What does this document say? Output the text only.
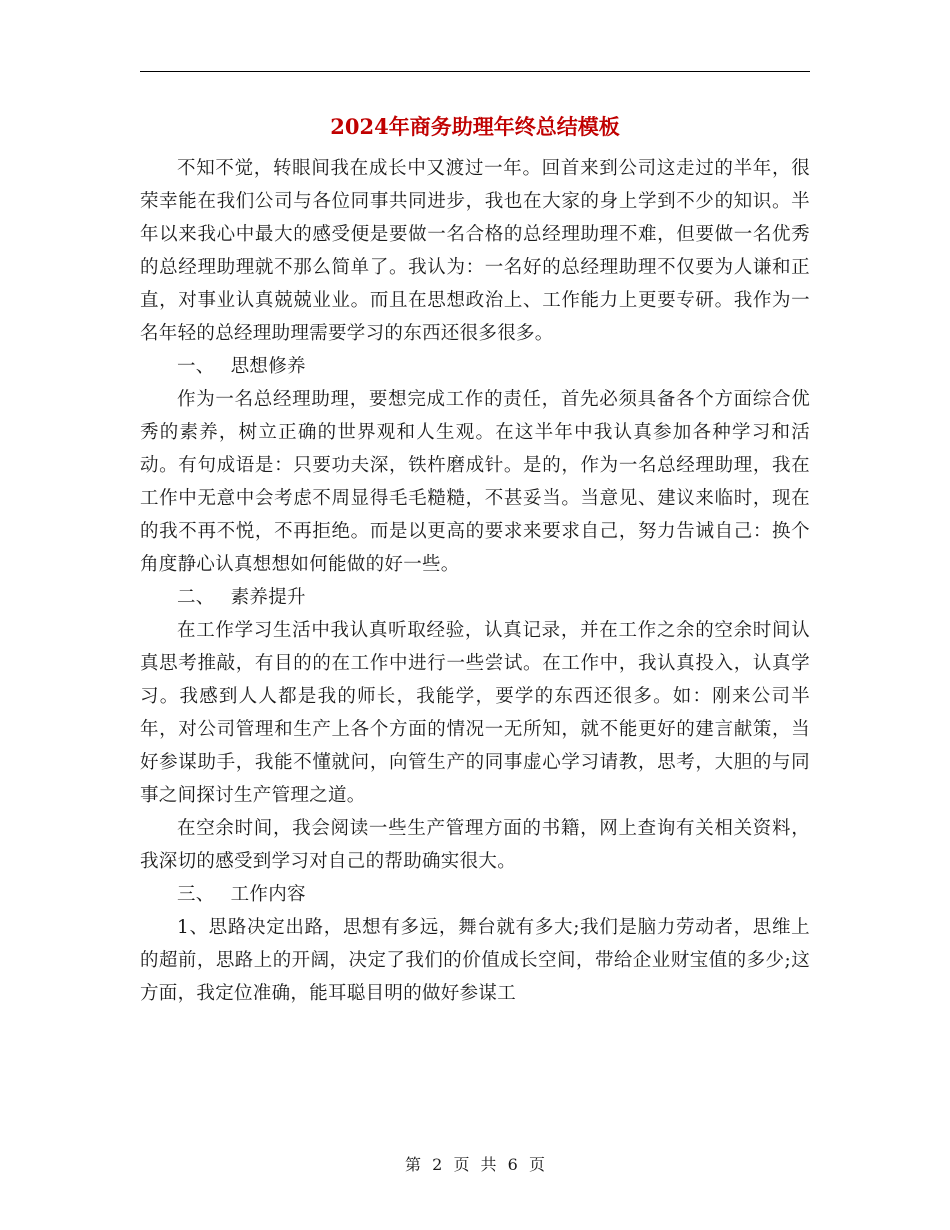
2024年商务助理年终总结模板

不知不觉，转眼间我在成长中又渡过一年。回首来到公司这走过的半年，很荣幸能在我们公司与各位同事共同进步，我也在大家的身上学到不少的知识。半年以来我心中最大的感受便是要做一名合格的总经理助理不难，但要做一名优秀的总经理助理就不那么简单了。我认为：一名好的总经理助理不仅要为人谦和正直，对事业认真兢兢业业。而且在思想政治上、工作能力上更要专研。我作为一名年轻的总经理助理需要学习的东西还很多很多。

一、 思想修养

作为一名总经理助理，要想完成工作的责任，首先必须具备各个方面综合优秀的素养，树立正确的世界观和人生观。在这半年中我认真参加各种学习和活动。有句成语是：只要功夫深，铁杵磨成针。是的，作为一名总经理助理，我在工作中无意中会考虑不周显得毛毛糙糙，不甚妥当。当意见、建议来临时，现在的我不再不悦，不再拒绝。而是以更高的要求来要求自己，努力告诫自己：换个角度静心认真想想如何能做的好一些。

二、 素养提升

在工作学习生活中我认真听取经验，认真记录，并在工作之余的空余时间认真思考推敲，有目的的在工作中进行一些尝试。在工作中，我认真投入，认真学习。我感到人人都是我的师长，我能学，要学的东西还很多。如：刚来公司半年，对公司管理和生产上各个方面的情况一无所知，就不能更好的建言献策，当好参谋助手，我能不懂就问，向管生产的同事虚心学习请教，思考，大胆的与同事之间探讨生产管理之道。

在空余时间，我会阅读一些生产管理方面的书籍，网上查询有关相关资料，我深切的感受到学习对自己的帮助确实很大。

三、 工作内容

1、思路决定出路，思想有多远，舞台就有多大;我们是脑力劳动者，思维上的超前，思路上的开阔，决定了我们的价值成长空间，带给企业财宝值的多少;这方面，我定位准确，能耳聪目明的做好参谋工

第 2 页 共 6 页
